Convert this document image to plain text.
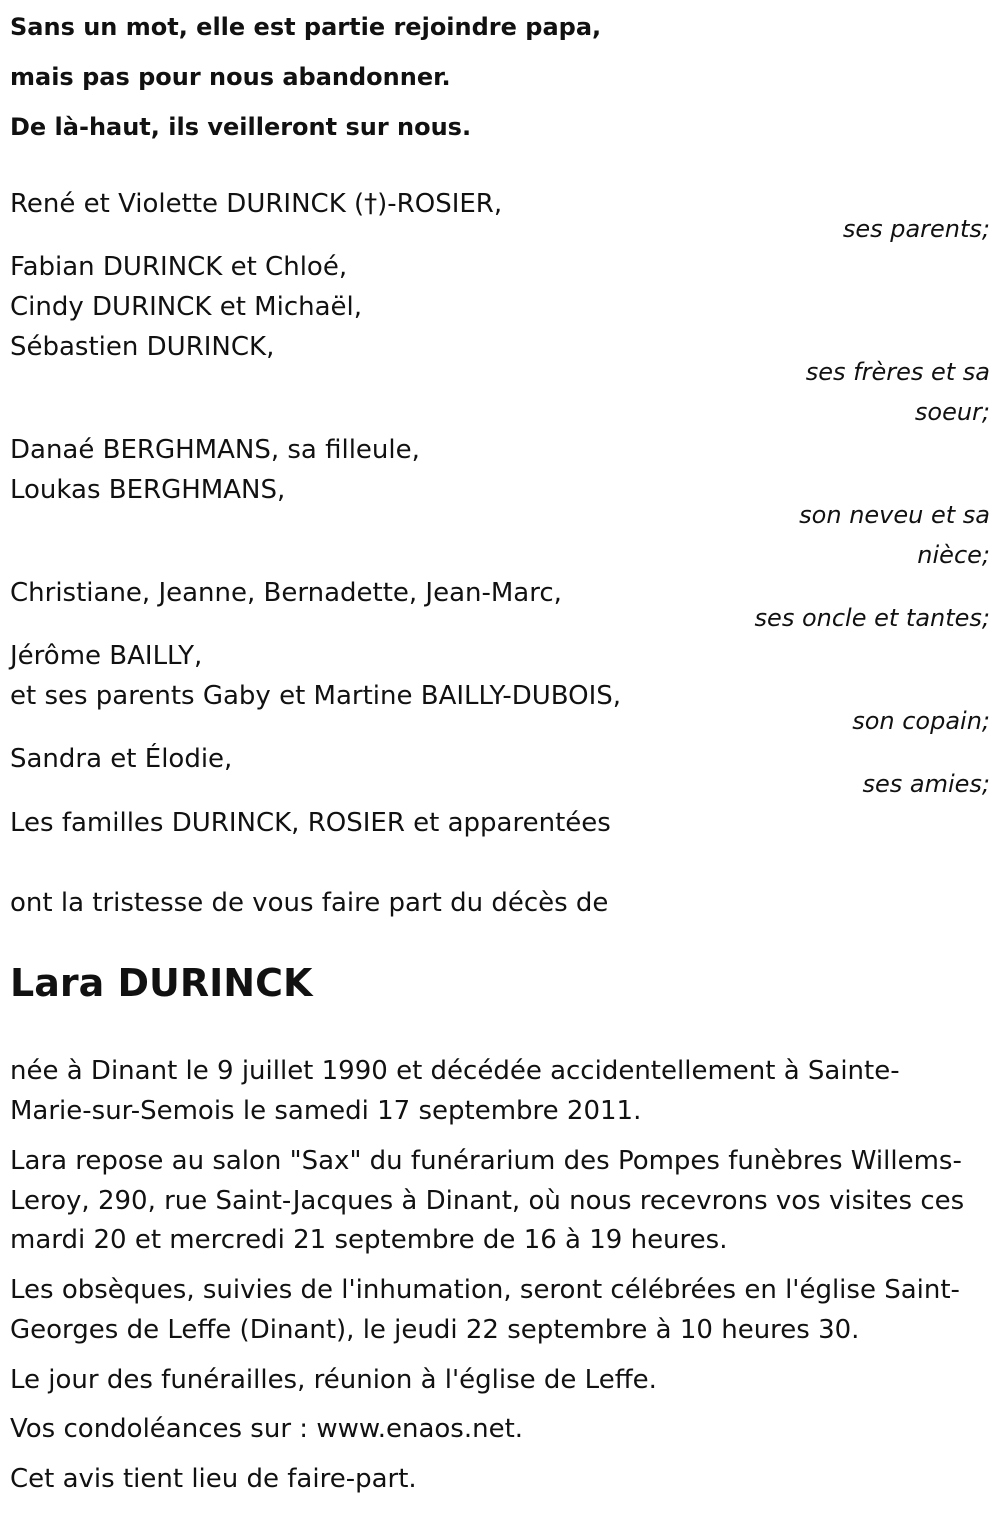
Sans un mot, elle est partie rejoindre papa,
mais pas pour nous abandonner.
De là-haut, ils veilleront sur nous.
René et Violette DURINCK (†)-ROSIER,
ses parents;
Fabian DURINCK et Chloé,
Cindy DURINCK et Michaël,
Sébastien DURINCK,
ses frères et sa
soeur;
Danaé BERGHMANS, sa filleule,
Loukas BERGHMANS,
son neveu et sa
nièce;
Christiane, Jeanne, Bernadette, Jean-Marc,
ses oncle et tantes;
Jérôme BAILLY,
et ses parents Gaby et Martine BAILLY-DUBOIS,
son copain;
Sandra et Élodie,
ses amies;
Les familles DURINCK, ROSIER et apparentées
ont la tristesse de vous faire part du décès de
Lara DURINCK
née à Dinant le 9 juillet 1990 et décédée accidentellement à Sainte-
Marie-sur-Semois le samedi 17 septembre 2011.
Lara repose au salon "Sax" du funérarium des Pompes funèbres Willems-
Leroy, 290, rue Saint-Jacques à Dinant, où nous recevrons vos visites ces
mardi 20 et mercredi 21 septembre de 16 à 19 heures.
Les obsèques, suivies de l'inhumation, seront célébrées en l'église Saint-
Georges de Leffe (Dinant), le jeudi 22 septembre à 10 heures 30.
Le jour des funérailles, réunion à l'église de Leffe.
Vos condoléances sur : www.enaos.net.
Cet avis tient lieu de faire-part.
